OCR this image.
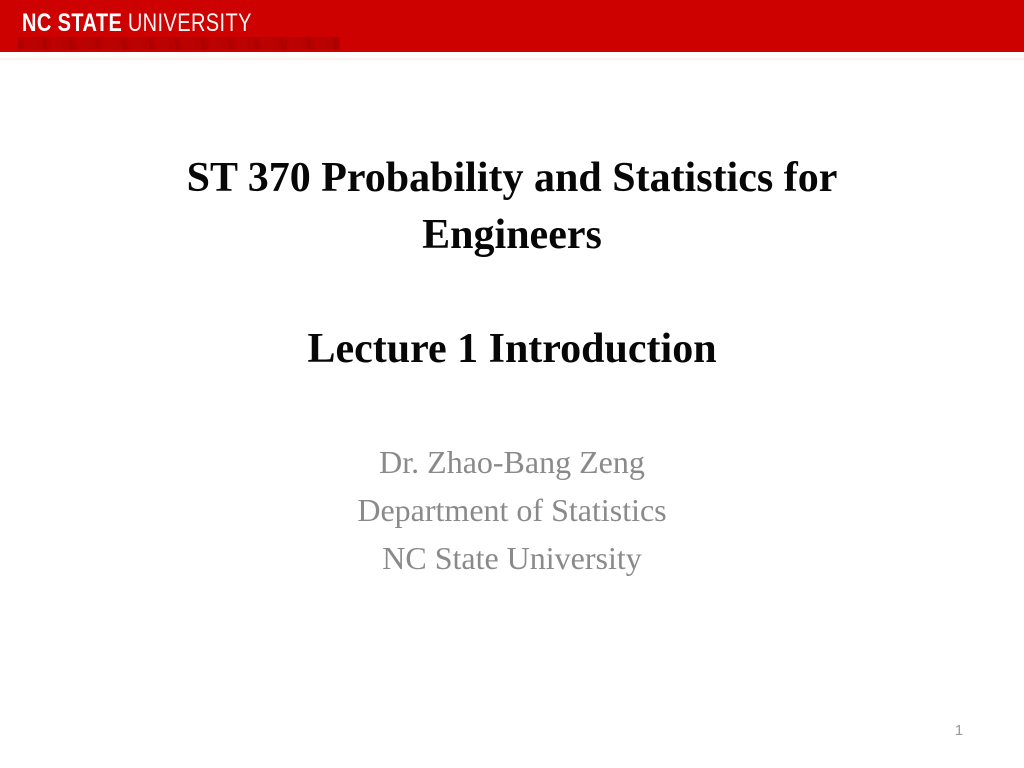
NC STATE UNIVERSITY
ST 370 Probability and Statistics for
Engineers
Lecture 1 Introduction
Dr. Zhao-Bang Zeng
Department of Statistics
NC State University
1
